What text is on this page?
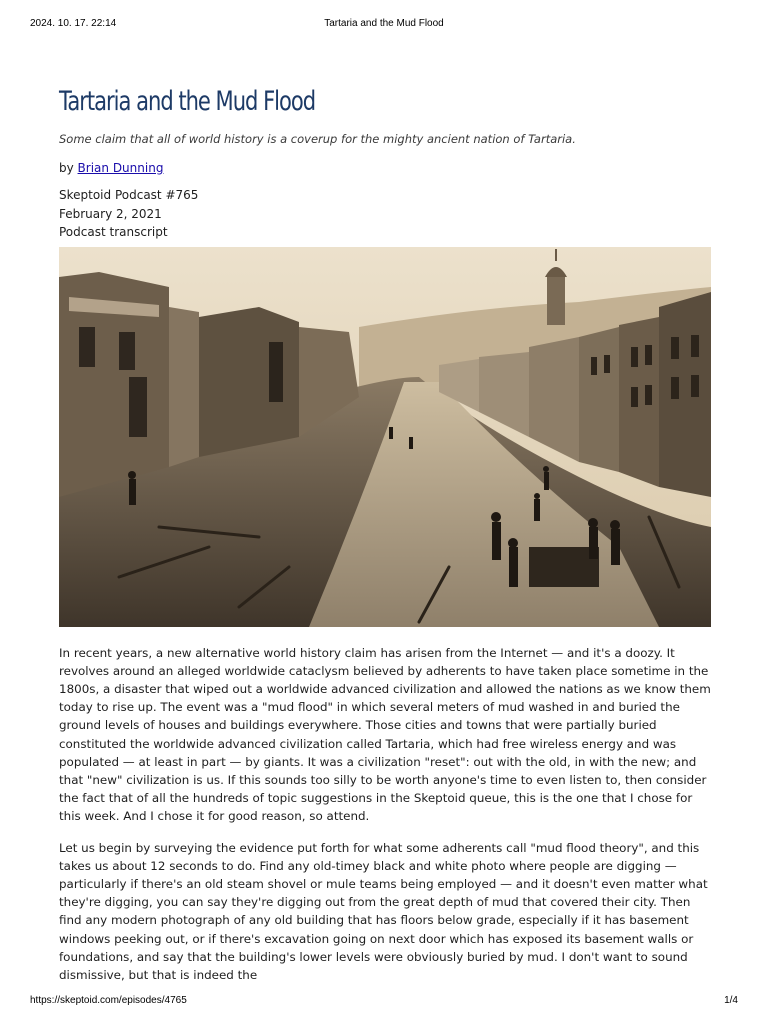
2024. 10. 17. 22:14	Tartaria and the Mud Flood
Tartaria and the Mud Flood
Some claim that all of world history is a coverup for the mighty ancient nation of Tartaria.
by Brian Dunning
Skeptoid Podcast #765
February 2, 2021
Podcast transcript

In recent years, a new alternative world history claim has arisen from the Internet — and it's a doozy. It revolves around an alleged worldwide cataclysm believed by adherents to have taken place sometime in the 1800s, a disaster that wiped out a worldwide advanced civilization and allowed the nations as we know them today to rise up. The event was a "mud flood" in which several meters of mud washed in and buried the ground levels of houses and buildings everywhere. Those cities and towns that were partially buried constituted the worldwide advanced civilization called Tartaria, which had free wireless energy and was populated — at least in part — by giants. It was a civilization "reset": out with the old, in with the new; and that "new" civilization is us. If this sounds too silly to be worth anyone's time to even listen to, then consider the fact that of all the hundreds of topic suggestions in the Skeptoid queue, this is the one that I chose for this week. And I chose it for good reason, so attend.

Let us begin by surveying the evidence put forth for what some adherents call "mud flood theory", and this takes us about 12 seconds to do. Find any old-timey black and white photo where people are digging — particularly if there's an old steam shovel or mule teams being employed — and it doesn't even matter what they're digging, you can say they're digging out from the great depth of mud that covered their city. Then find any modern photograph of any old building that has floors below grade, especially if it has basement windows peeking out, or if there's excavation going on next door which has exposed its basement walls or foundations, and say that the building's lower levels were obviously buried by mud. I don't want to sound dismissive, but that is indeed the

https://skeptoid.com/episodes/4765	1/4
